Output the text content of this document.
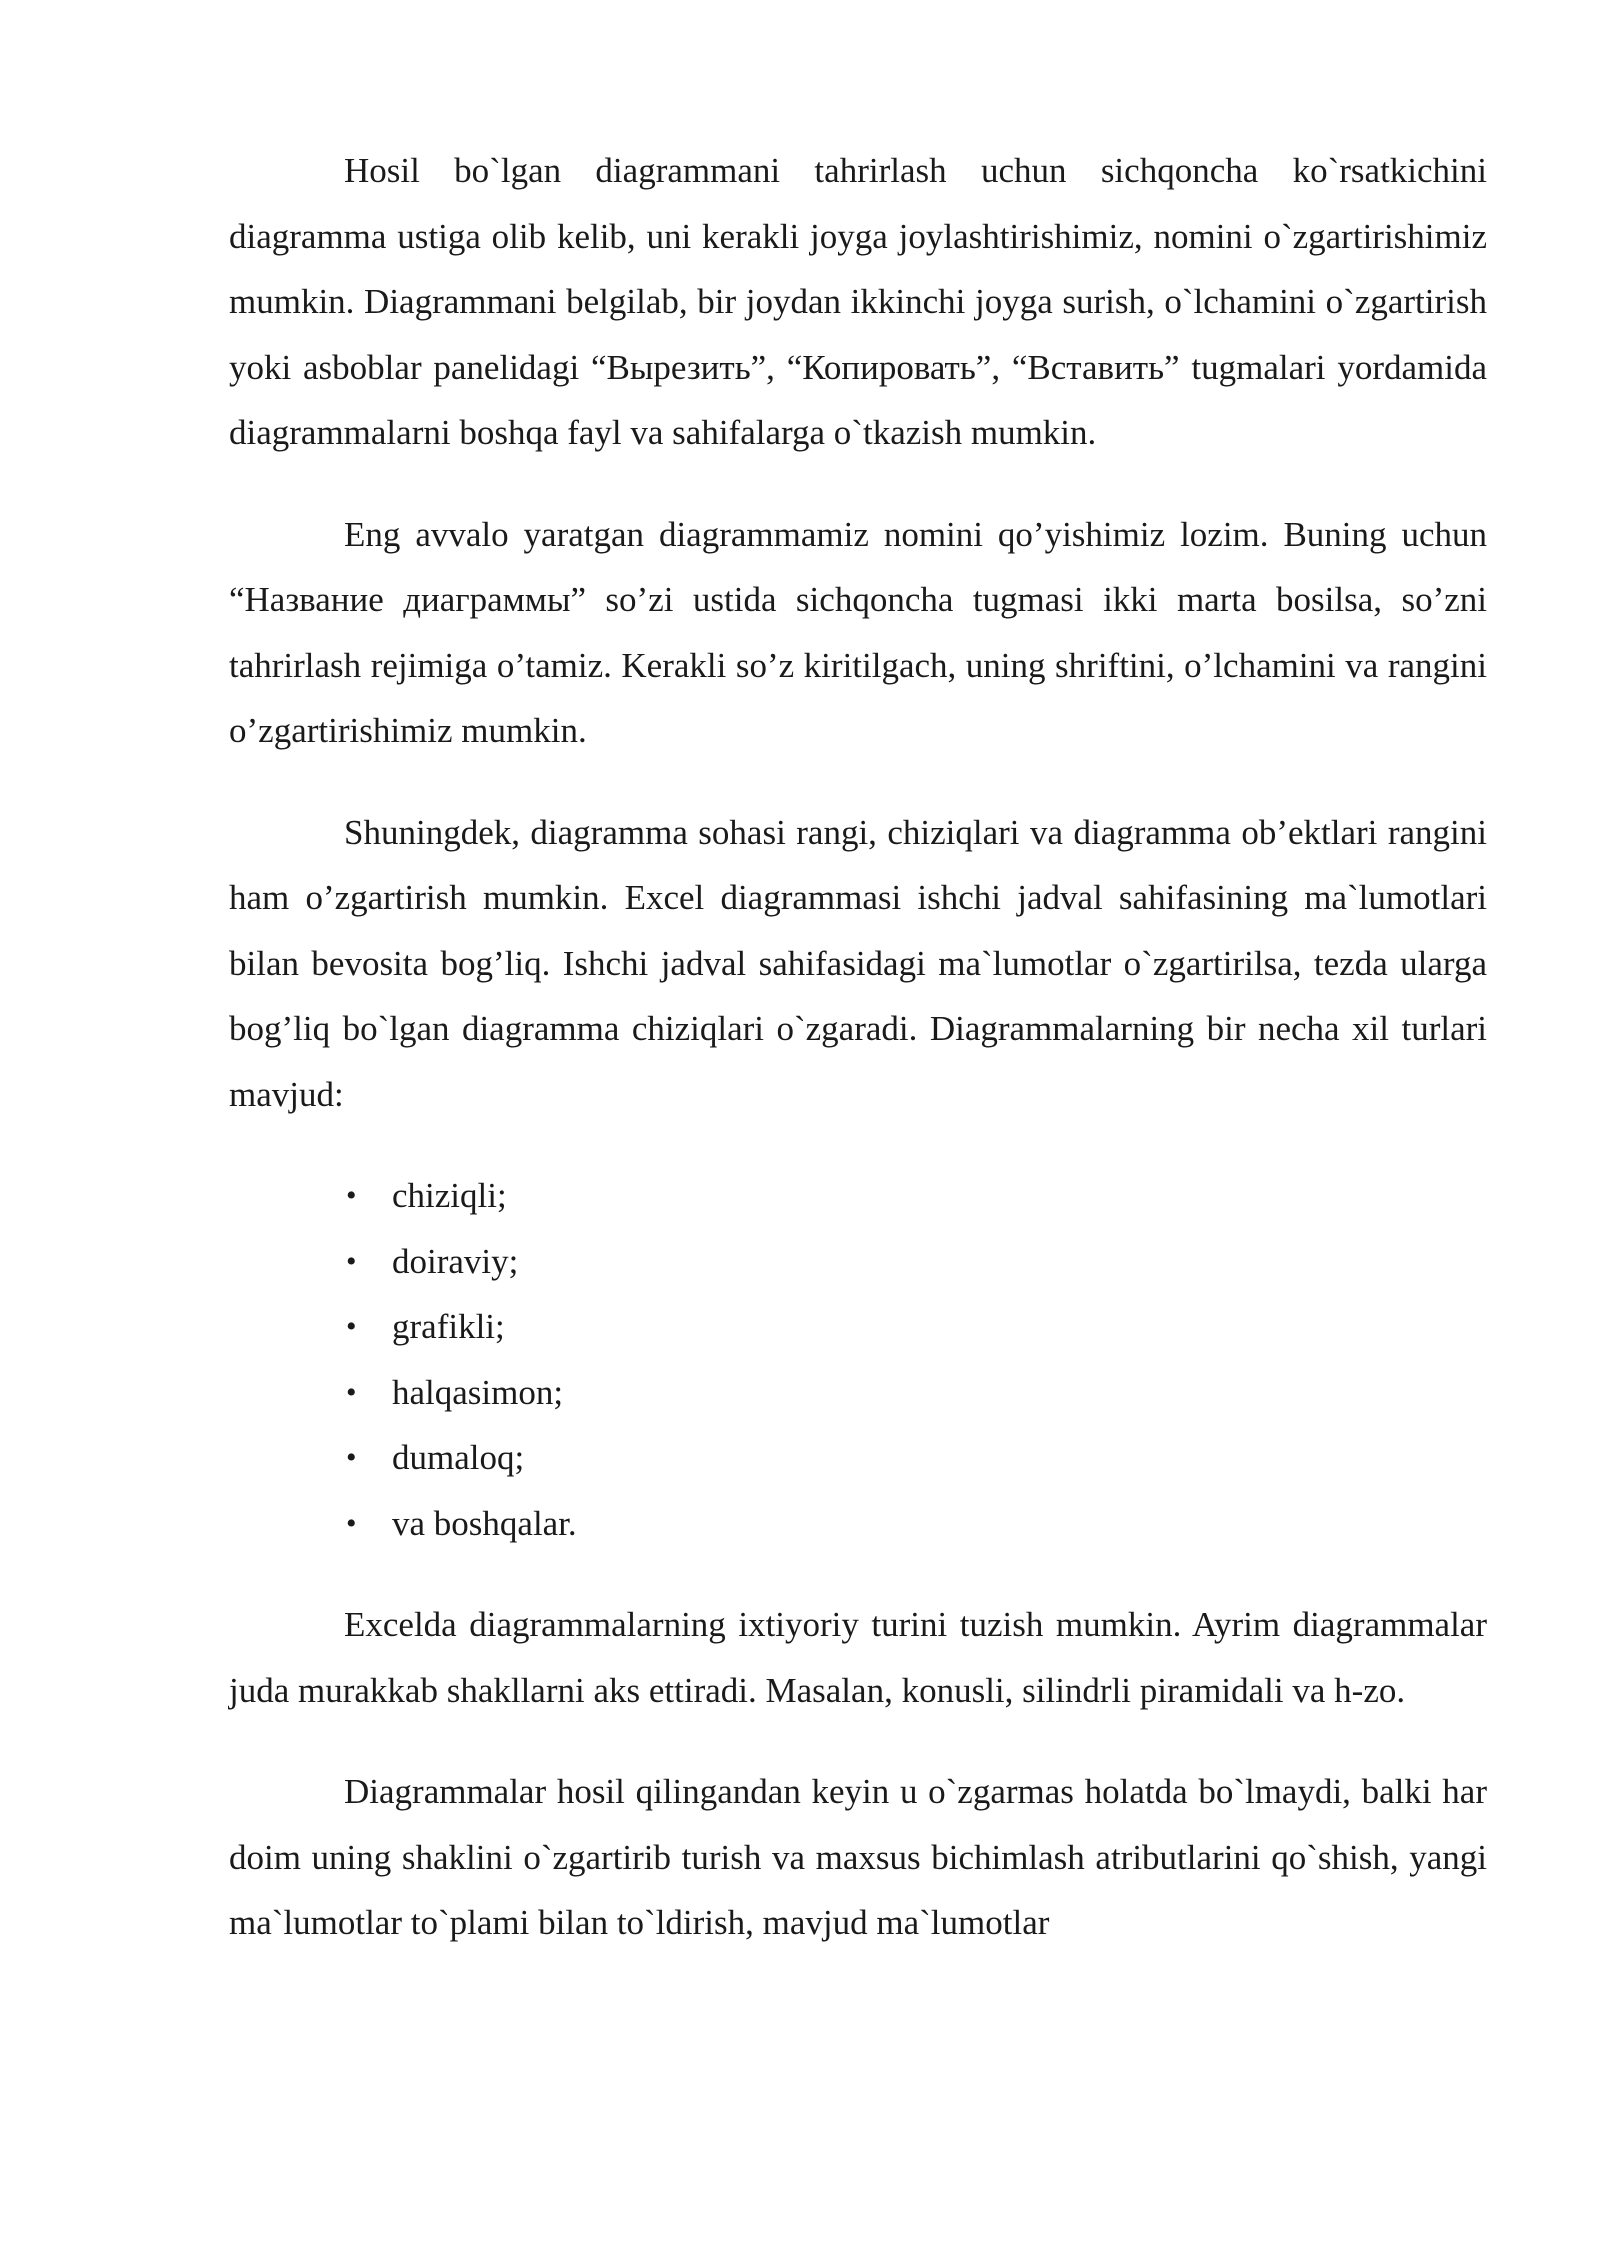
Hosil bo`lgan diagrammani tahrirlash uchun sichqoncha ko`rsatkichini diagramma ustiga olib kelib, uni kerakli joyga joylashtirishimiz, nomini o`zgartirishimiz mumkin. Diagrammani belgilab, bir joydan ikkinchi joyga surish, o`lchamini o`zgartirish yoki asboblar panelidagi “Вырезить”, “Копировать”, “Вставить” tugmalari yordamida diagrammalarni boshqa fayl va sahifalarga o`tkazish mumkin.

Eng avvalo yaratgan diagrammamiz nomini qo’yishimiz lozim. Buning uchun “Название диаграммы” so’zi ustida sichqoncha tugmasi ikki marta bosilsa, so’zni tahrirlash rejimiga o’tamiz. Kerakli so’z kiritilgach, uning shriftini, o’lchamini va rangini o’zgartirishimiz mumkin.

Shuningdek, diagramma sohasi rangi, chiziqlari va diagramma ob’ektlari rangini ham o’zgartirish mumkin. Excel diagrammasi ishchi jadval sahifasining ma`lumotlari bilan bevosita bog’liq. Ishchi jadval sahifasidagi ma`lumotlar o`zgartirilsa, tezda ularga bog’liq bo`lgan diagramma chiziqlari o`zgaradi. Diagrammalarning bir necha xil turlari mavjud:

• chiziqli;
• doiraviy;
• grafikli;
• halqasimon;
• dumaloq;
• va boshqalar.

Excelda diagrammalarning ixtiyoriy turini tuzish mumkin. Ayrim diagrammalar juda murakkab shakllarni aks ettiradi. Masalan, konusli, silindrli piramidali va h-zo.

Diagrammalar hosil qilingandan keyin u o`zgarmas holatda bo`lmaydi, balki har doim uning shaklini o`zgartirib turish va maxsus bichimlash atributlarini qo`shish, yangi ma`lumotlar to`plami bilan to`ldirish, mavjud ma`lumotlar
